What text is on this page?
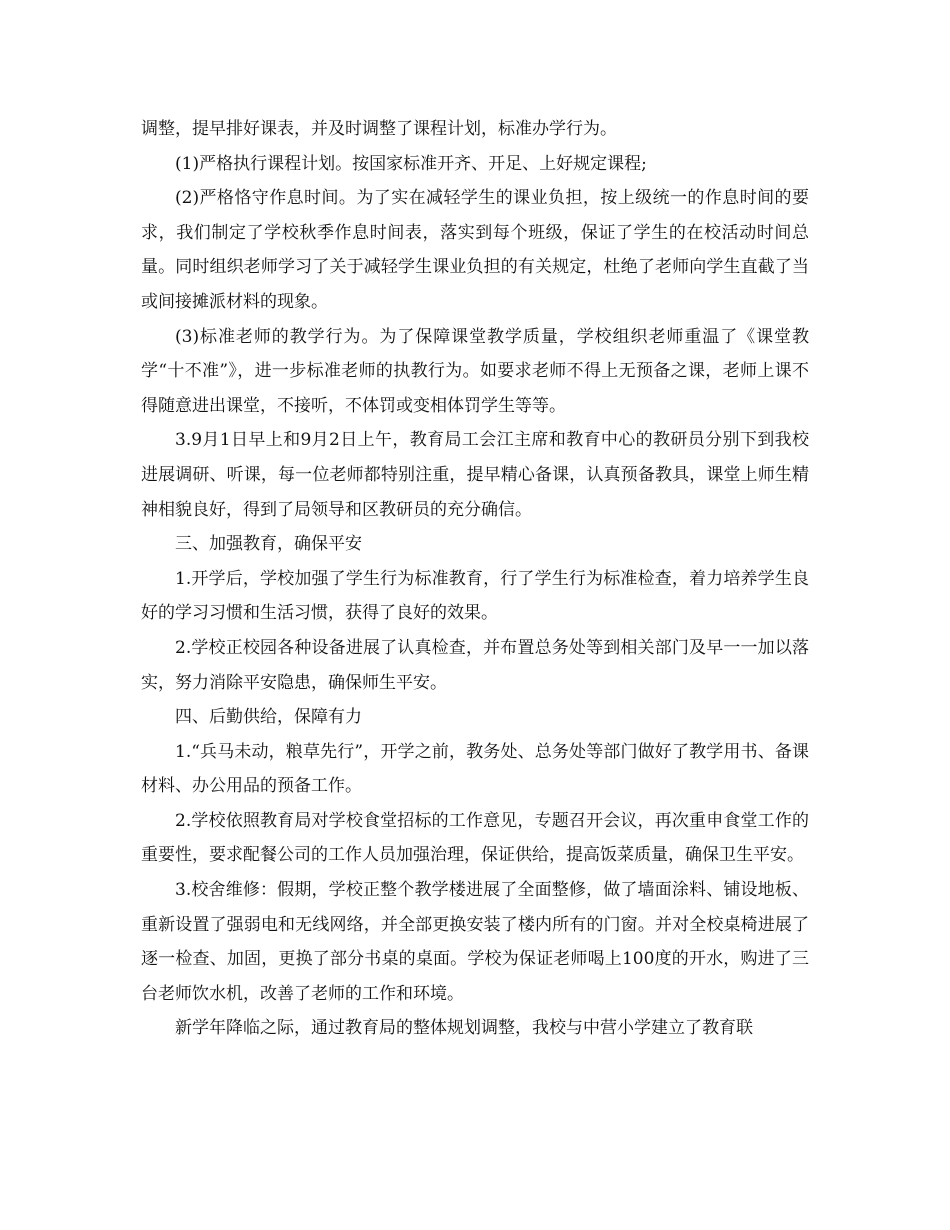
调整，提早排好课表，并及时调整了课程计划，标准办学行为。

(1)严格执行课程计划。按国家标准开齐、开足、上好规定课程;

(2)严格恪守作息时间。为了实在减轻学生的课业负担，按上级统一的作息时间的要求，我们制定了学校秋季作息时间表，落实到每个班级，保证了学生的在校活动时间总量。同时组织老师学习了关于减轻学生课业负担的有关规定，杜绝了老师向学生直截了当或间接摊派材料的现象。

(3)标准老师的教学行为。为了保障课堂教学质量，学校组织老师重温了《课堂教学“十不准”》，进一步标准老师的执教行为。如要求老师不得上无预备之课，老师上课不得随意进出课堂，不接听，不体罚或变相体罚学生等等。

3.9月1日早上和9月2日上午，教育局工会江主席和教育中心的教研员分别下到我校进展调研、听课，每一位老师都特别注重，提早精心备课，认真预备教具，课堂上师生精神相貌良好，得到了局领导和区教研员的充分确信。

三、加强教育，确保平安

1.开学后，学校加强了学生行为标准教育，行了学生行为标准检查，着力培养学生良好的学习习惯和生活习惯，获得了良好的效果。

2.学校正校园各种设备进展了认真检查，并布置总务处等到相关部门及早一一加以落实，努力消除平安隐患，确保师生平安。

四、后勤供给，保障有力

1.“兵马未动，粮草先行”，开学之前，教务处、总务处等部门做好了教学用书、备课材料、办公用品的预备工作。

2.学校依照教育局对学校食堂招标的工作意见，专题召开会议，再次重申食堂工作的重要性，要求配餐公司的工作人员加强治理，保证供给，提高饭菜质量，确保卫生平安。

3.校舍维修：假期，学校正整个教学楼进展了全面整修，做了墙面涂料、铺设地板、重新设置了强弱电和无线网络，并全部更换安装了楼内所有的门窗。并对全校桌椅进展了逐一检查、加固，更换了部分书桌的桌面。学校为保证老师喝上100度的开水，购进了三台老师饮水机，改善了老师的工作和环境。

新学年降临之际，通过教育局的整体规划调整，我校与中营小学建立了教育联
